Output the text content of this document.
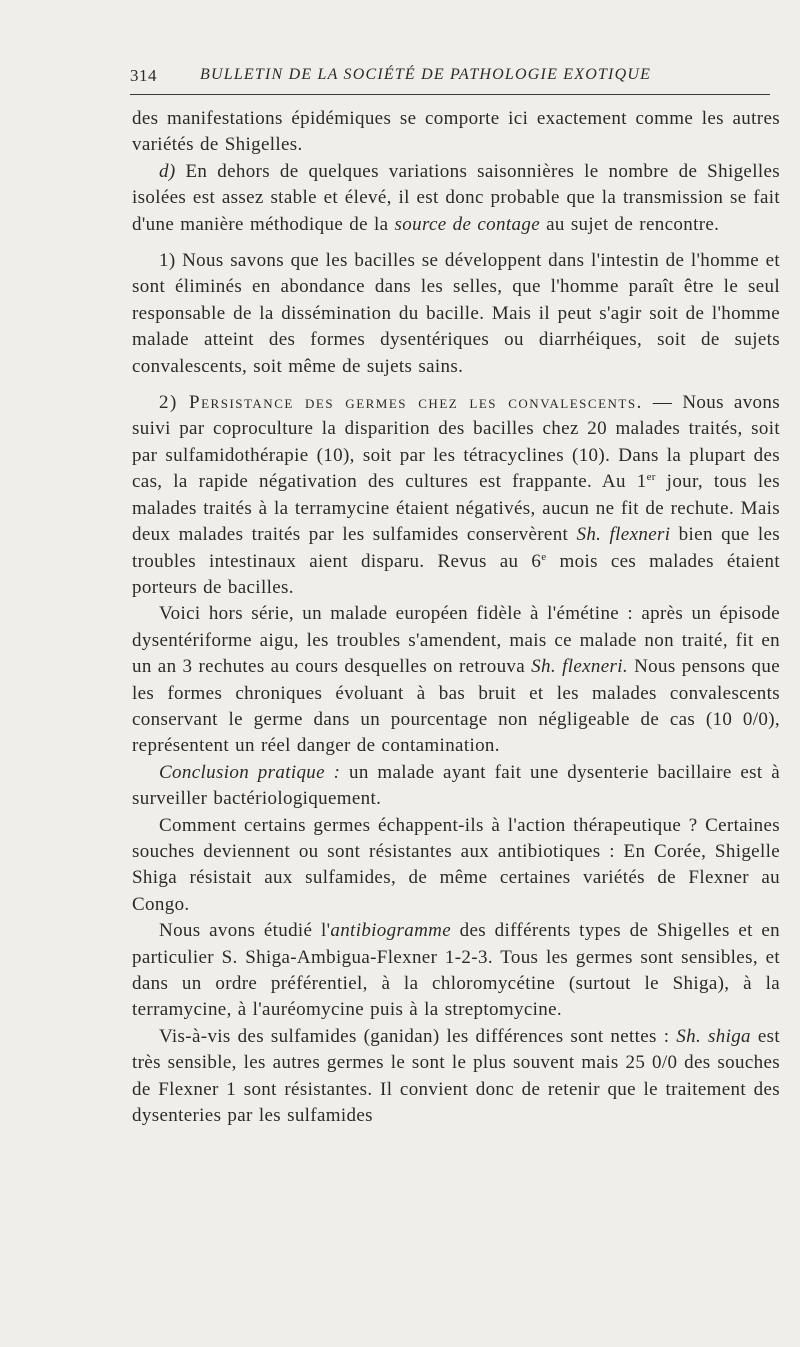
314	BULLETIN DE LA SOCIÉTÉ DE PATHOLOGIE EXOTIQUE

des manifestations épidémiques se comporte ici exactement comme les autres variétés de Shigelles.

d) En dehors de quelques variations saisonnières le nombre de Shigelles isolées est assez stable et élevé, il est donc probable que la transmission se fait d'une manière méthodique de la source de contage au sujet de rencontre.

1) Nous savons que les bacilles se développent dans l'intestin de l'homme et sont éliminés en abondance dans les selles, que l'homme paraît être le seul responsable de la dissémination du bacille. Mais il peut s'agir soit de l'homme malade atteint des formes dysentériques ou diarrhéiques, soit de sujets convalescents, soit même de sujets sains.

2) Persistance des germes chez les convalescents. — Nous avons suivi par coproculture la disparition des bacilles chez 20 malades traités, soit par sulfamidothérapie (10), soit par les tétracyclines (10). Dans la plupart des cas, la rapide négativation des cultures est frappante. Au 1er jour, tous les malades traités à la terramycine étaient négativés, aucun ne fit de rechute. Mais deux malades traités par les sulfamides conservèrent Sh. flexneri bien que les troubles intestinaux aient disparu. Revus au 6e mois ces malades étaient porteurs de bacilles.

Voici hors série, un malade européen fidèle à l'émétine : après un épisode dysentériforme aigu, les troubles s'amendent, mais ce malade non traité, fit en un an 3 rechutes au cours desquelles on retrouva Sh. flexneri. Nous pensons que les formes chroniques évoluant à bas bruit et les malades convalescents conservant le germe dans un pourcentage non négligeable de cas (10 0/0), représentent un réel danger de contamination.

Conclusion pratique : un malade ayant fait une dysenterie bacillaire est à surveiller bactériologiquement.

Comment certains germes échappent-ils à l'action thérapeutique ? Certaines souches deviennent ou sont résistantes aux antibiotiques : En Corée, Shigelle Shiga résistait aux sulfamides, de même certaines variétés de Flexner au Congo.

Nous avons étudié l'antibiogramme des différents types de Shigelles et en particulier S. Shiga-Ambigua-Flexner 1-2-3. Tous les germes sont sensibles, et dans un ordre préférentiel, à la chloromycétine (surtout le Shiga), à la terramycine, à l'auréomycine puis à la streptomycine.

Vis-à-vis des sulfamides (ganidan) les différences sont nettes : Sh. shiga est très sensible, les autres germes le sont le plus souvent mais 25 0/0 des souches de Flexner 1 sont résistantes. Il convient donc de retenir que le traitement des dysenteries par les sulfamides
